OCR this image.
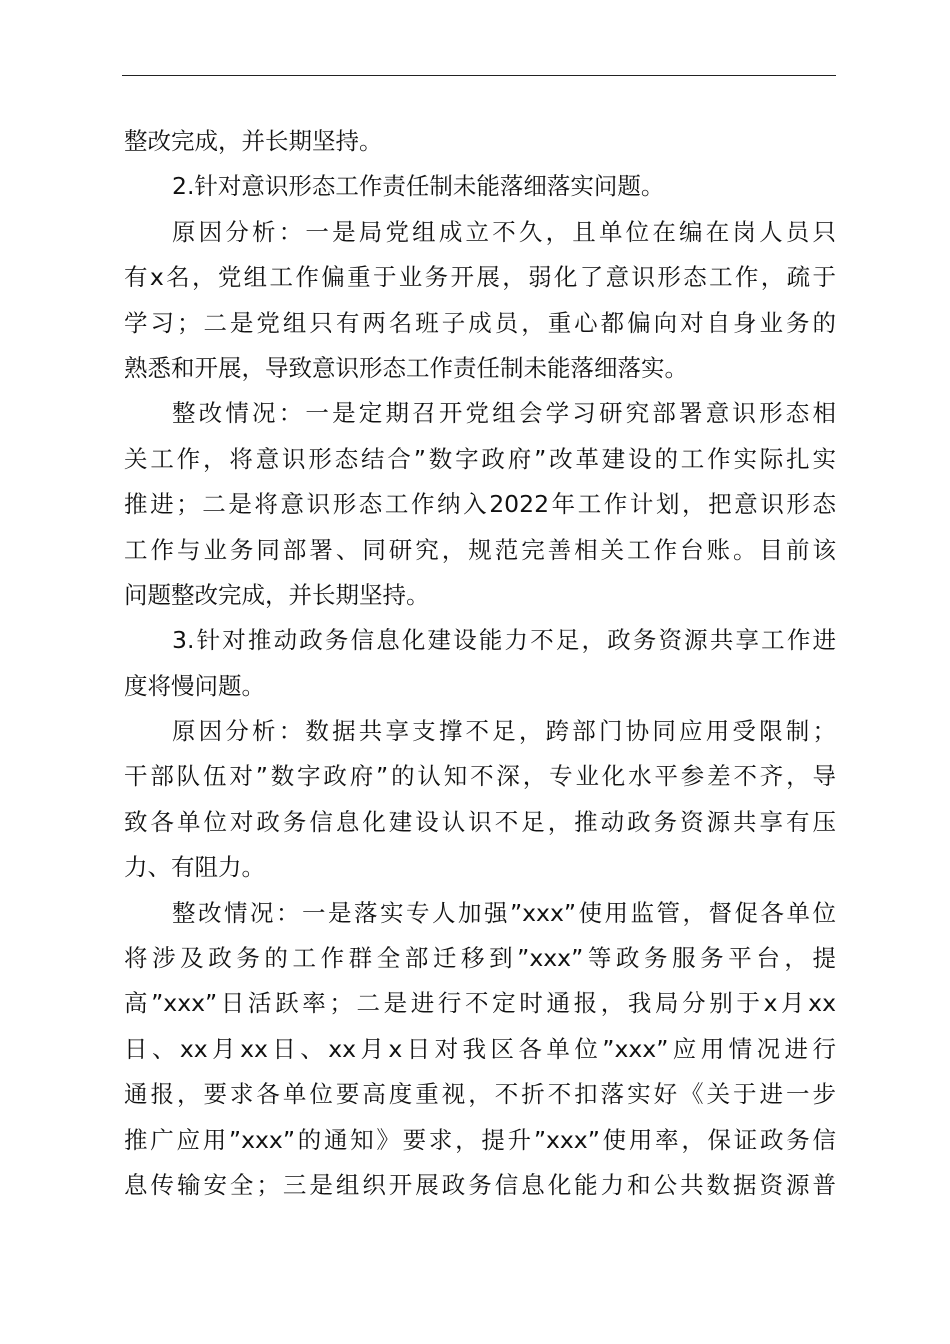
整改完成，并长期坚持。
2.针对意识形态工作责任制未能落细落实问题。
原因分析：一是局党组成立不久，且单位在编在岗人员只
有x名，党组工作偏重于业务开展，弱化了意识形态工作，疏于
学习；二是党组只有两名班子成员，重心都偏向对自身业务的
熟悉和开展，导致意识形态工作责任制未能落细落实。
整改情况：一是定期召开党组会学习研究部署意识形态相
关工作，将意识形态结合”数字政府”改革建设的工作实际扎实
推进；二是将意识形态工作纳入2022年工作计划，把意识形态
工作与业务同部署、同研究，规范完善相关工作台账。目前该
问题整改完成，并长期坚持。
3.针对推动政务信息化建设能力不足，政务资源共享工作进
度将慢问题。
原因分析：数据共享支撑不足，跨部门协同应用受限制；
干部队伍对”数字政府”的认知不深，专业化水平参差不齐，导
致各单位对政务信息化建设认识不足，推动政务资源共享有压
力、有阻力。
整改情况：一是落实专人加强”xxx”使用监管，督促各单位
将涉及政务的工作群全部迁移到”xxx”等政务服务平台，提
高”xxx”日活跃率；二是进行不定时通报，我局分别于x月xx
日、xx月xx日、xx月x日对我区各单位”xxx”应用情况进行
通报，要求各单位要高度重视，不折不扣落实好《关于进一步
推广应用”xxx”的通知》要求，提升”xxx”使用率，保证政务信
息传输安全；三是组织开展政务信息化能力和公共数据资源普
